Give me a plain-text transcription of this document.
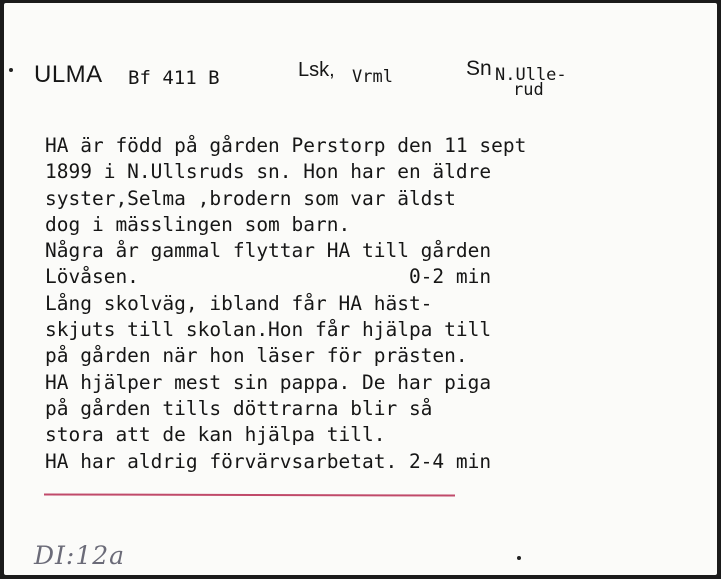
ULMA Bf 411 B	Lsk, Vrml	Sn N.Ulle-
rud
HA är född på gården Perstorp den 11 sept
1899 i N.Ullsruds sn. Hon har en äldre
syster,Selma ,brodern som var äldst
dog i mässlingen som barn.
Några år gammal flyttar HA till gården
Lövåsen.                       0-2 min
Lång skolväg, ibland får HA häst-
skjuts till skolan.Hon får hjälpa till
på gården när hon läser för prästen.
HA hjälper mest sin pappa. De har piga
på gården tills döttrarna blir så
stora att de kan hjälpa till.
HA har aldrig förvärvsarbetat. 2-4 min
DI:12a
